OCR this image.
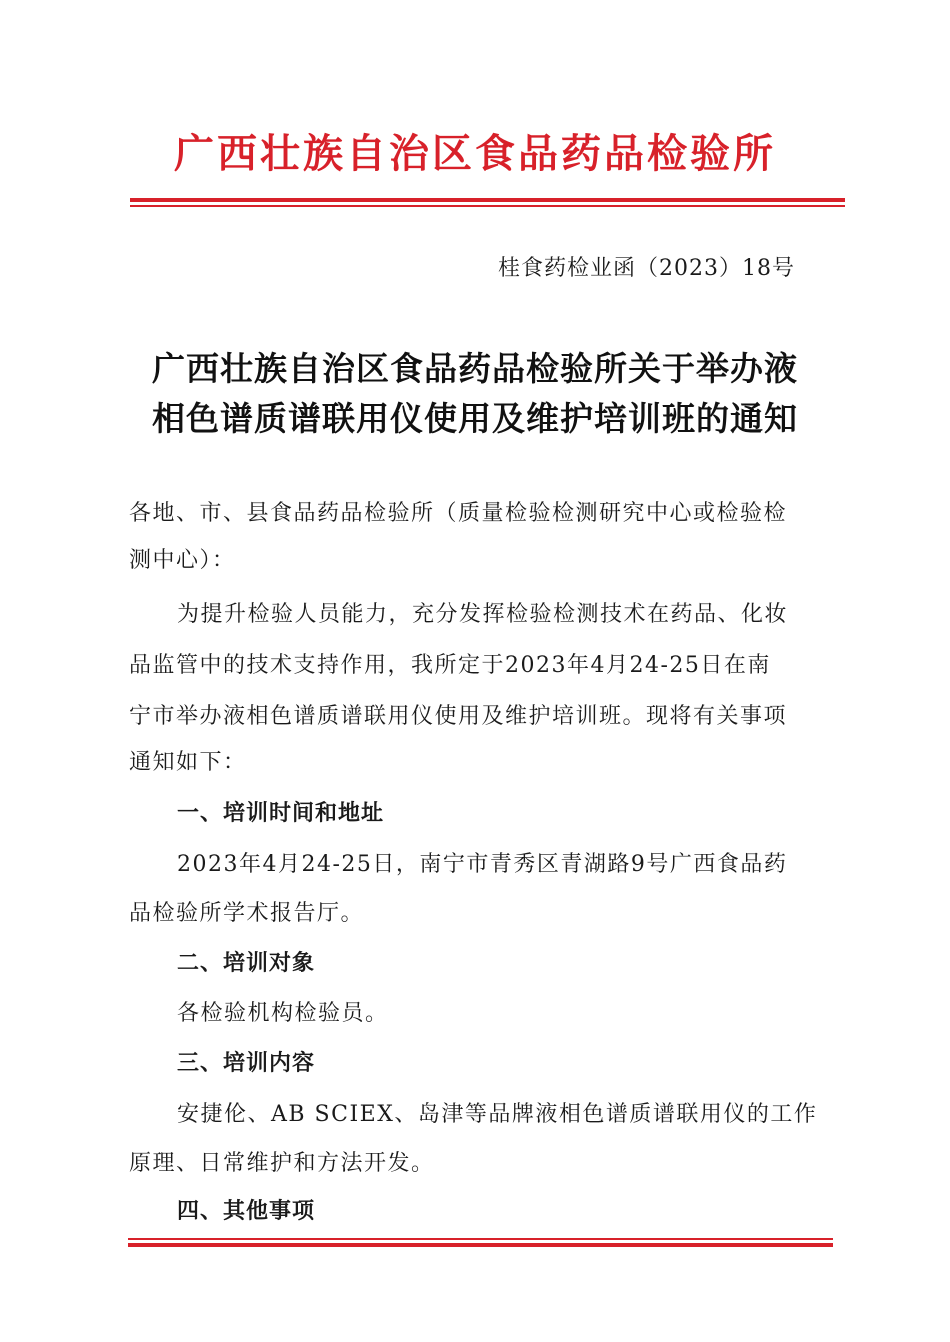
广西壮族自治区食品药品检验所
桂食药检业函（2023）18号
广西壮族自治区食品药品检验所关于举办液
相色谱质谱联用仪使用及维护培训班的通知
各地、市、县食品药品检验所（质量检验检测研究中心或检验检
测中心）：
为提升检验人员能力，充分发挥检验检测技术在药品、化妆
品监管中的技术支持作用，我所定于2023年4月24-25日在南
宁市举办液相色谱质谱联用仪使用及维护培训班。现将有关事项
通知如下：
一、培训时间和地址
2023年4月24-25日，南宁市青秀区青湖路9号广西食品药
品检验所学术报告厅。
二、培训对象
各检验机构检验员。
三、培训内容
安捷伦、AB SCIEX、岛津等品牌液相色谱质谱联用仪的工作
原理、日常维护和方法开发。
四、其他事项
